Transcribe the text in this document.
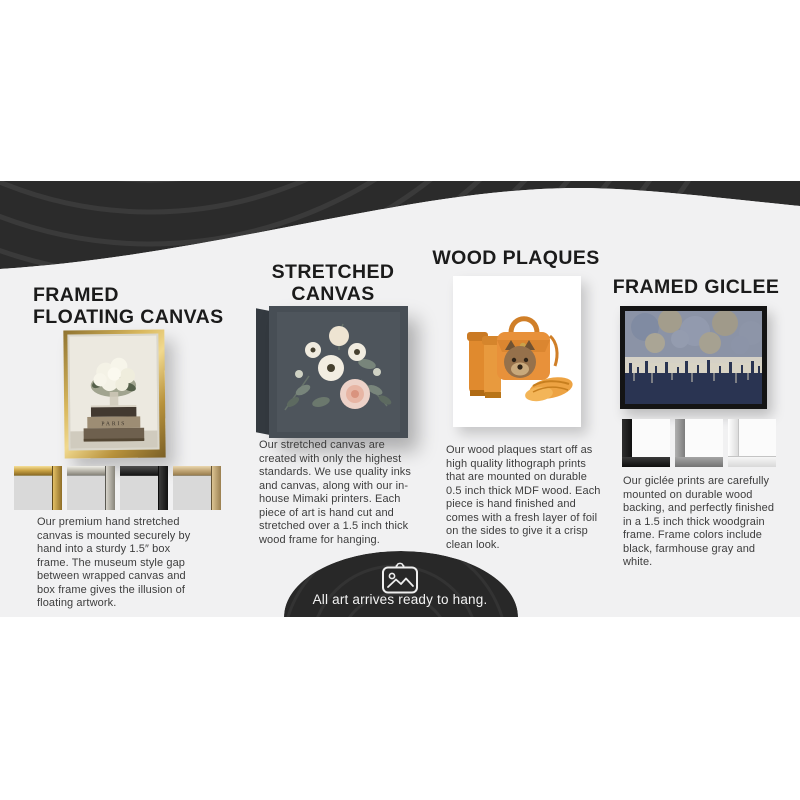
FRAMED
FLOATING CANVAS
PARIS
Our premium hand stretched canvas is mounted securely by hand into a sturdy 1.5″ box frame. The museum style gap between wrapped canvas and box frame gives the illusion of floating artwork.
STRETCHED
CANVAS
Our stretched canvas are created with only the highest standards. We use quality inks and canvas, along with our in-house Mimaki printers. Each piece of art is hand cut and stretched over a 1.5 inch thick wood frame for hanging.
WOOD PLAQUES
Our wood plaques start off as high quality lithograph prints that are mounted on durable 0.5 inch thick MDF wood. Each piece is hand finished and comes with a fresh layer of foil on the sides to give it a crisp clean look.
FRAMED GICLEE
Our giclée prints are carefully mounted on durable wood backing, and perfectly finished in a 1.5 inch thick woodgrain frame. Frame colors include black, farmhouse gray and white.
All art arrives ready to hang.
